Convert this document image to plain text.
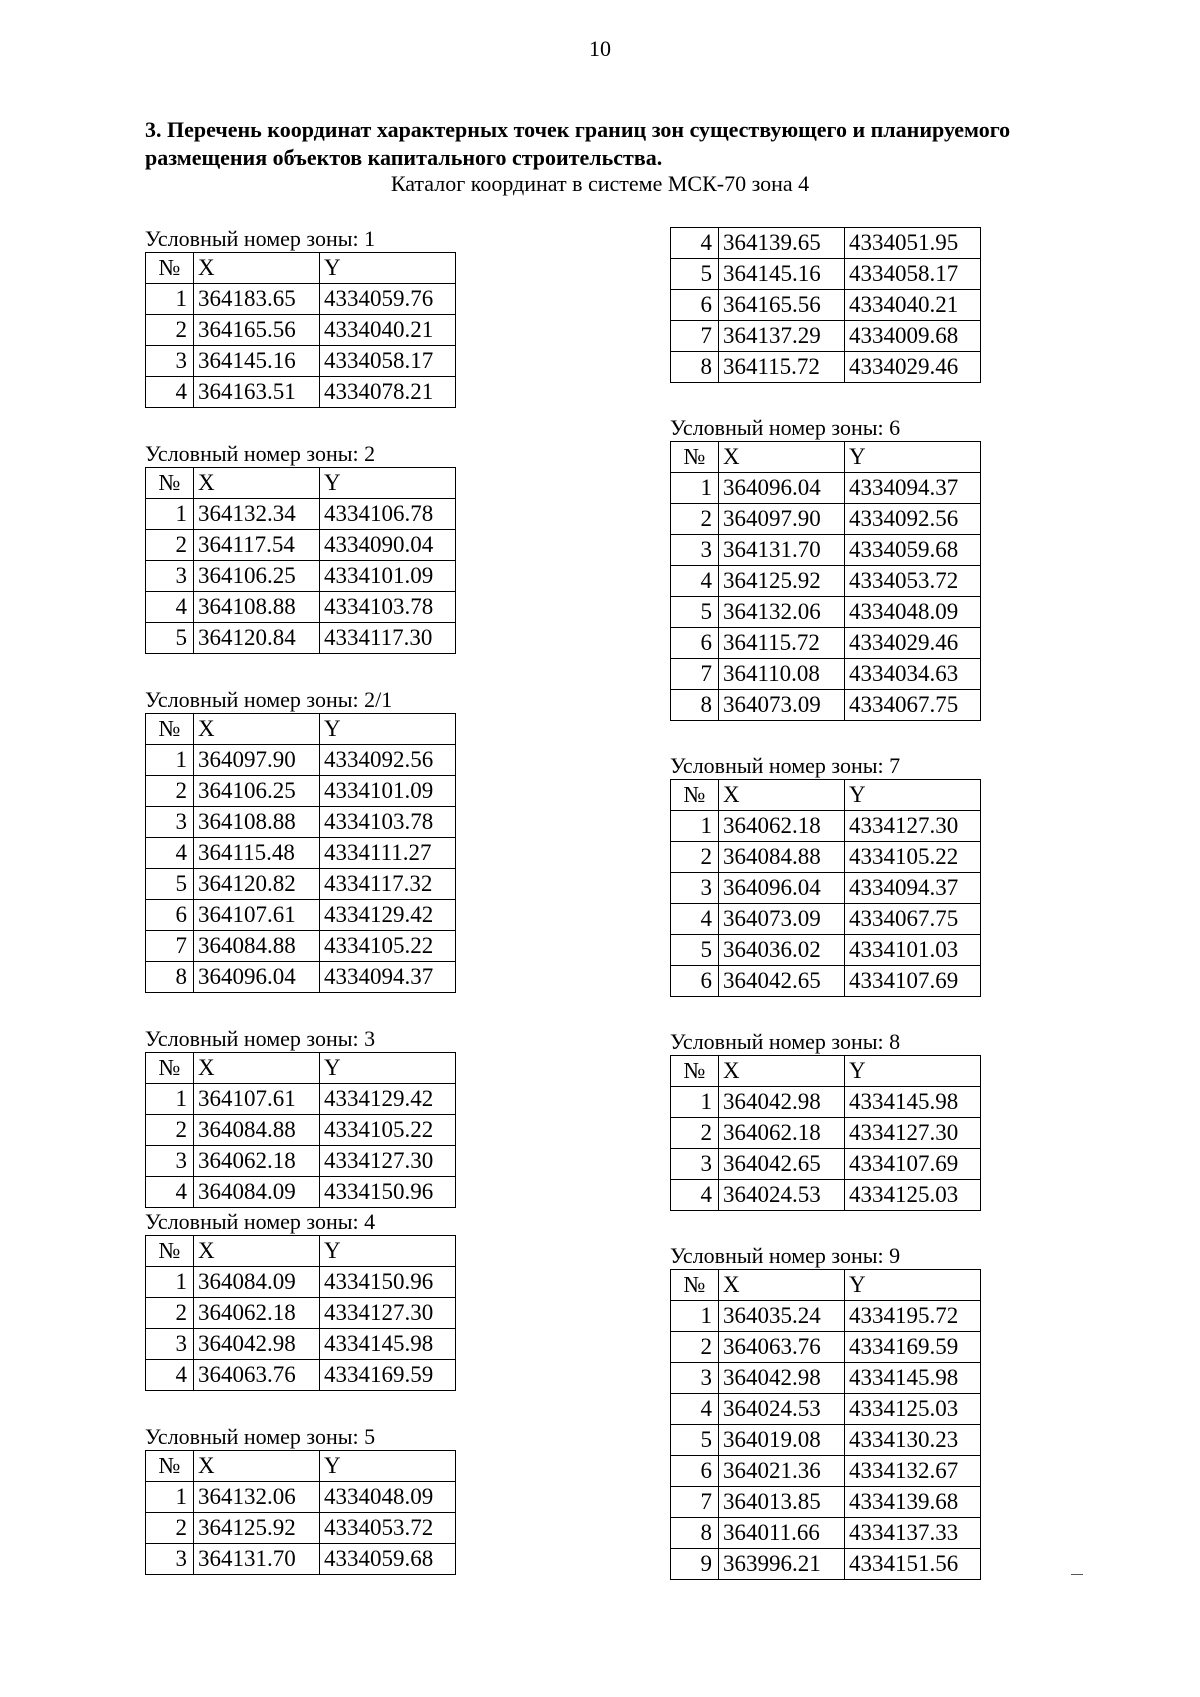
10
3. Перечень координат характерных точек границ зон существующего и планируемого размещения объектов капитального строительства.
Каталог координат в системе МСК-70 зона 4
Условный номер зоны: 1
№	X	Y
1	364183.65	4334059.76
2	364165.56	4334040.21
3	364145.16	4334058.17
4	364163.51	4334078.21
Условный номер зоны: 2
№	X	Y
1	364132.34	4334106.78
2	364117.54	4334090.04
3	364106.25	4334101.09
4	364108.88	4334103.78
5	364120.84	4334117.30
Условный номер зоны: 2/1
№	X	Y
1	364097.90	4334092.56
2	364106.25	4334101.09
3	364108.88	4334103.78
4	364115.48	4334111.27
5	364120.82	4334117.32
6	364107.61	4334129.42
7	364084.88	4334105.22
8	364096.04	4334094.37
Условный номер зоны: 3
№	X	Y
1	364107.61	4334129.42
2	364084.88	4334105.22
3	364062.18	4334127.30
4	364084.09	4334150.96
Условный номер зоны: 4
№	X	Y
1	364084.09	4334150.96
2	364062.18	4334127.30
3	364042.98	4334145.98
4	364063.76	4334169.59
Условный номер зоны: 5
№	X	Y
1	364132.06	4334048.09
2	364125.92	4334053.72
3	364131.70	4334059.68
4	364139.65	4334051.95
5	364145.16	4334058.17
6	364165.56	4334040.21
7	364137.29	4334009.68
8	364115.72	4334029.46
Условный номер зоны: 6
№	X	Y
1	364096.04	4334094.37
2	364097.90	4334092.56
3	364131.70	4334059.68
4	364125.92	4334053.72
5	364132.06	4334048.09
6	364115.72	4334029.46
7	364110.08	4334034.63
8	364073.09	4334067.75
Условный номер зоны: 7
№	X	Y
1	364062.18	4334127.30
2	364084.88	4334105.22
3	364096.04	4334094.37
4	364073.09	4334067.75
5	364036.02	4334101.03
6	364042.65	4334107.69
Условный номер зоны: 8
№	X	Y
1	364042.98	4334145.98
2	364062.18	4334127.30
3	364042.65	4334107.69
4	364024.53	4334125.03
Условный номер зоны: 9
№	X	Y
1	364035.24	4334195.72
2	364063.76	4334169.59
3	364042.98	4334145.98
4	364024.53	4334125.03
5	364019.08	4334130.23
6	364021.36	4334132.67
7	364013.85	4334139.68
8	364011.66	4334137.33
9	363996.21	4334151.56
